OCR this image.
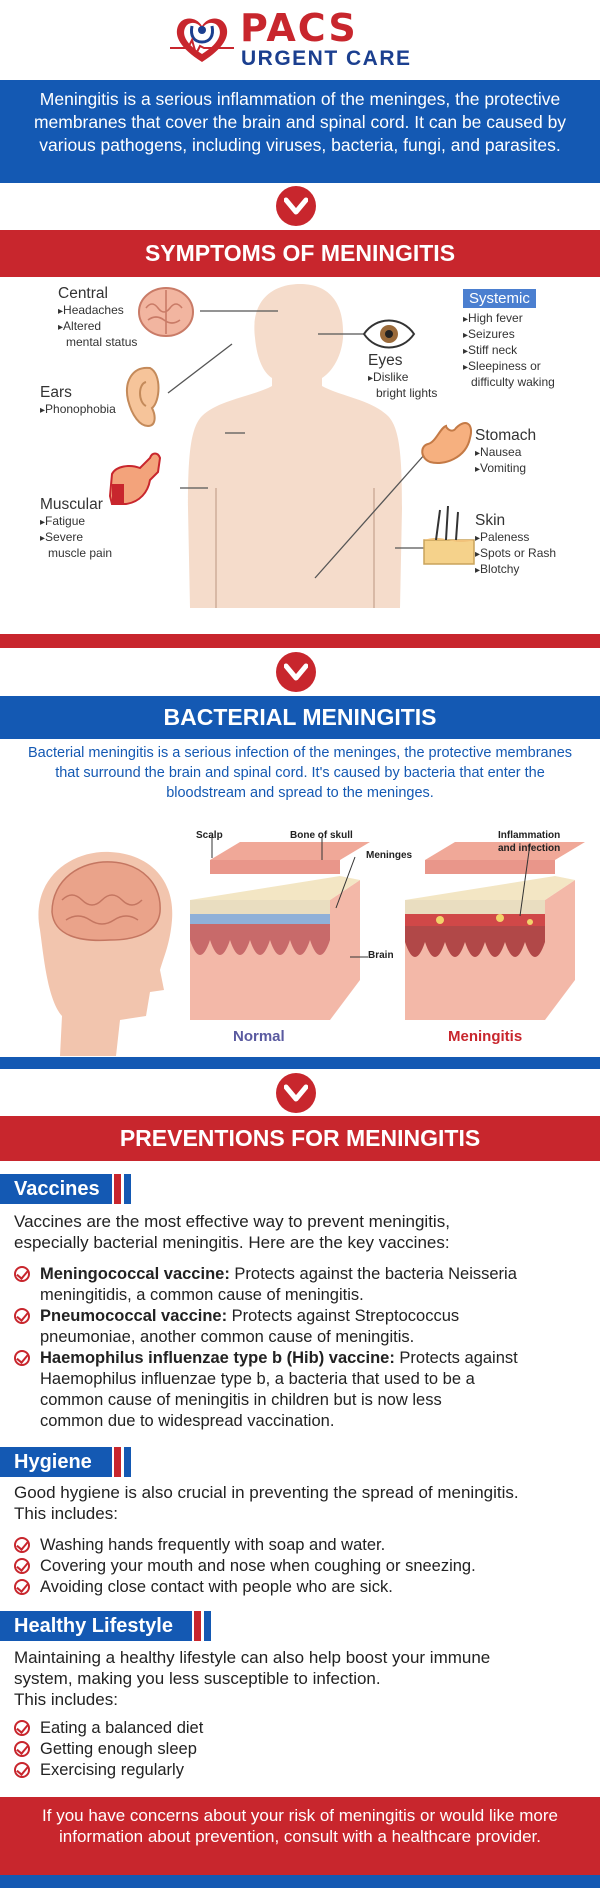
PACS
URGENT CARE
Meningitis is a serious inflammation of the meninges, the protective membranes that cover the brain and spinal cord. It can be caused by various pathogens, including viruses, bacteria, fungi, and parasites.
SYMPTOMS OF MENINGITIS
Central
▸ Headaches
▸ Altered
mental status
Ears
▸ Phonophobia
Muscular
▸ Fatigue
▸ Severe
muscle pain
Eyes
▸ Dislike
bright lights
Systemic
▸ High fever
▸ Seizures
▸ Stiff neck
▸ Sleepiness or
difficulty waking
Stomach
▸ Nausea
▸ Vomiting
Skin
▸ Paleness
▸ Spots or Rash
▸ Blotchy
BACTERIAL MENINGITIS
Bacterial meningitis is a serious infection of the meninges, the protective membranes that surround the brain and spinal cord. It's caused by bacteria that enter the bloodstream and spread to the meninges.
Scalp	Bone of skull
Meninges
Brain
Inflammation
and infection
Normal	Meningitis
PREVENTIONS FOR MENINGITIS
Vaccines
Vaccines are the most effective way to prevent meningitis,
especially bacterial meningitis. Here are the key vaccines:
Meningococcal vaccine: Protects against the bacteria Neisseria
meningitidis, a common cause of meningitis.
Pneumococcal vaccine: Protects against Streptococcus
pneumoniae, another common cause of meningitis.
Haemophilus influenzae type b (Hib) vaccine: Protects against
Haemophilus influenzae type b, a bacteria that used to be a
common cause of meningitis in children but is now less
common due to widespread vaccination.
Hygiene
Good hygiene is also crucial in preventing the spread of meningitis.
This includes:
Washing hands frequently with soap and water.
Covering your mouth and nose when coughing or sneezing.
Avoiding close contact with people who are sick.
Healthy Lifestyle
Maintaining a healthy lifestyle can also help boost your immune
system, making you less susceptible to infection.
This includes:
Eating a balanced diet
Getting enough sleep
Exercising regularly
If you have concerns about your risk of meningitis or would like more information about prevention, consult with a healthcare provider.
